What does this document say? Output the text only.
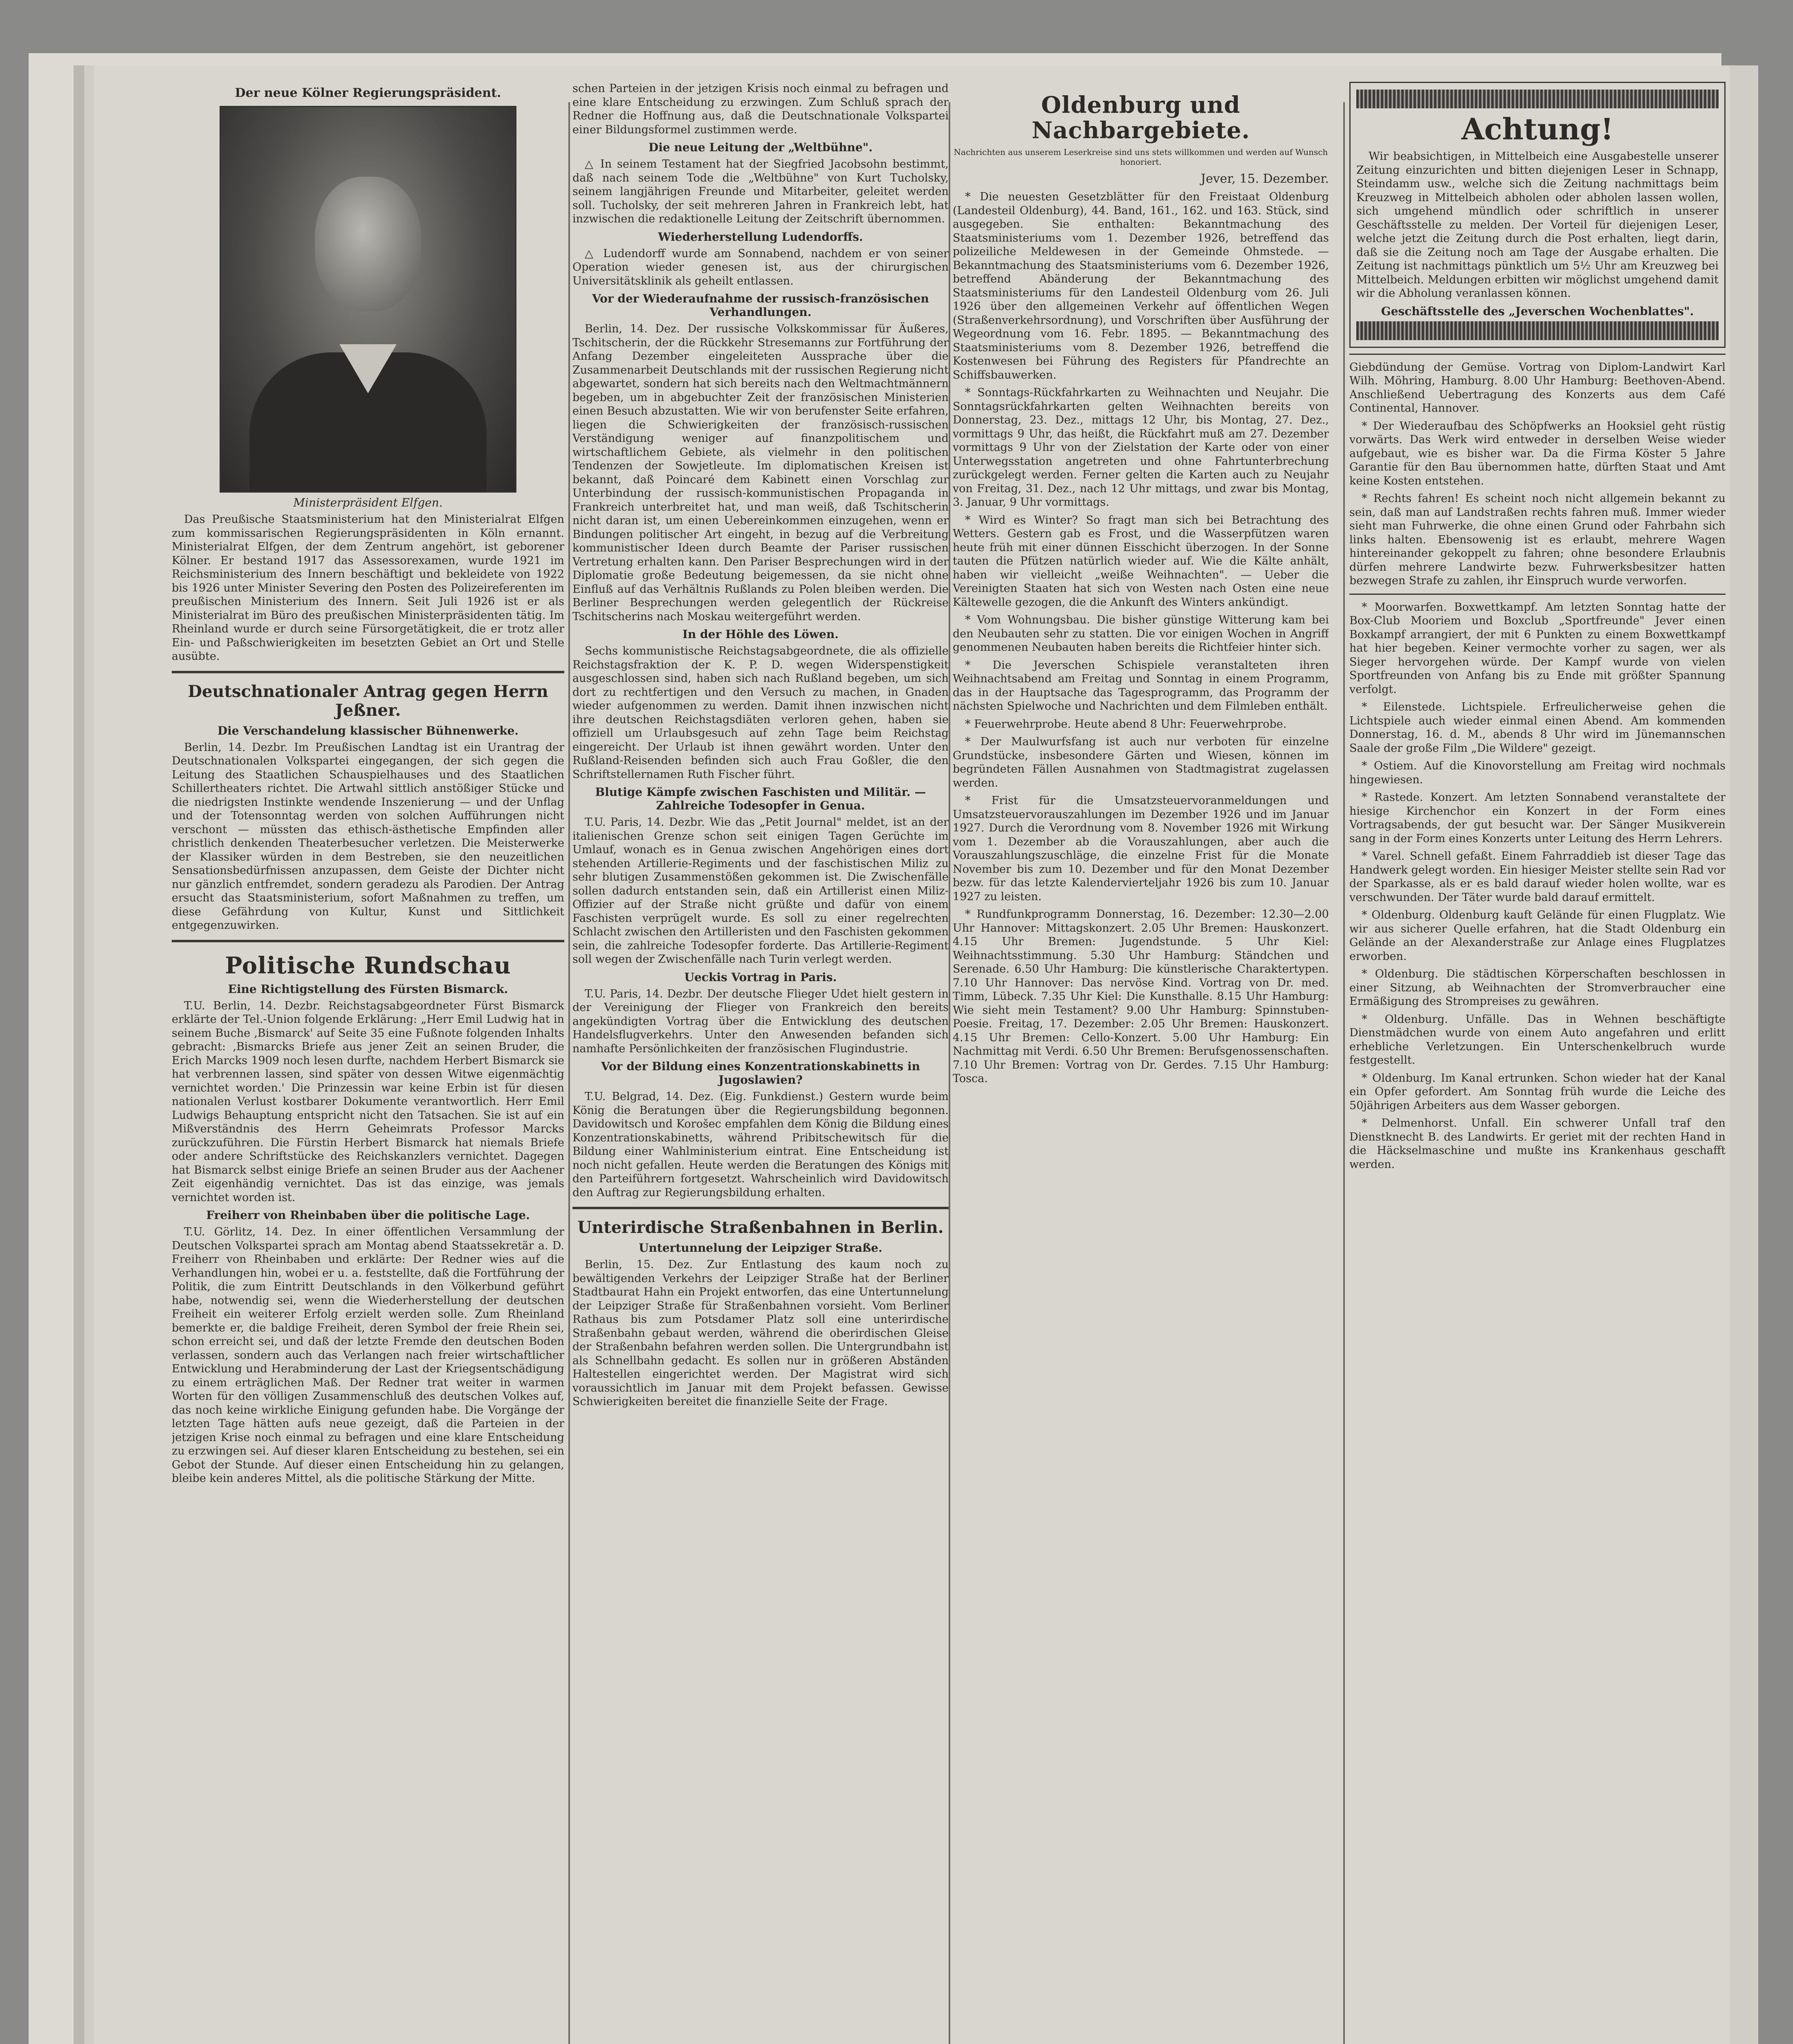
Der neue Kölner Regierungspräsident.
Ministerpräsident Elfgen.

Das Preußische Staatsministerium hat den Ministerialrat Elfgen zum kommissarischen Regierungspräsidenten in Köln ernannt. Ministerialrat Elfgen, der dem Zentrum angehört, ist geborener Kölner. Er bestand 1917 das Assessorexamen, wurde 1921 im Reichsministerium des Innern beschäftigt und bekleidete von 1922 bis 1926 unter Minister Severing den Posten des Polizeireferenten im preußischen Ministerium des Innern. Seit Juli 1926 ist er als Ministerialrat im Büro des preußischen Ministerpräsidenten tätig. Im Rheinland wurde er durch seine Fürsorgetätigkeit, die er trotz aller Ein- und Paßschwierigkeiten im besetzten Gebiet an Ort und Stelle ausübte.

Deutschnationaler Antrag gegen Herrn Jeßner.
Die Verschandelung klassischer Bühnenwerke.

Berlin, 14. Dezbr. Im Preußischen Landtag ist ein Urantrag der Deutschnationalen Volkspartei eingegangen, der sich gegen die Leitung des Staatlichen Schauspielhauses und des Staatlichen Schillertheaters richtet. Die Artwahl sittlich anstößiger Stücke und die niedrigsten Instinkte wendende Inszenierung — und der Unflag und der Totensonntag werden von solchen Aufführungen nicht verschont — müssten das ethisch-ästhetische Empfinden aller christlich denkenden Theaterbesucher verletzen. Die Meisterwerke der Klassiker würden in dem Bestreben, sie den neuzeitlichen Sensationsbedürfnissen anzupassen, dem Geiste der Dichter nicht nur gänzlich entfremdet, sondern geradezu als Parodien. Der Antrag ersucht das Staatsministerium, sofort Maßnahmen zu treffen, um diese Gefährdung von Kultur, Kunst und Sittlichkeit entgegenzuwirken.

Politische Rundschau
Eine Richtigstellung des Fürsten Bismarck.

T.U. Berlin, 14. Dezbr. Reichstagsabgeordneter Fürst Bismarck erklärte der Tel.-Union folgende Erklärung: „Herr Emil Ludwig hat in seinem Buche ‚Bismarck' auf Seite 35 eine Fußnote folgenden Inhalts gebracht: ‚Bismarcks Briefe aus jener Zeit an seinen Bruder, die Erich Marcks 1909 noch lesen durfte, nachdem Herbert Bismarck sie hat verbrennen lassen, sind später von dessen Witwe eigenmächtig vernichtet worden.' Die Prinzessin war keine Erbin ist für diesen nationalen Verlust kostbarer Dokumente verantwortlich. Herr Emil Ludwigs Behauptung entspricht nicht den Tatsachen. Sie ist auf ein Mißverständnis des Herrn Geheimrats Professor Marcks zurückzuführen. Die Fürstin Herbert Bismarck hat niemals Briefe oder andere Schriftstücke des Reichskanzlers vernichtet. Dagegen hat Bismarck selbst einige Briefe an seinen Bruder aus der Aachener Zeit eigenhändig vernichtet. Das ist das einzige, was jemals vernichtet worden ist.

Freiherr von Rheinbaben über die politische Lage.

T.U. Görlitz, 14. Dez. In einer öffentlichen Versammlung der Deutschen Volkspartei sprach am Montag abend Staatssekretär a. D. Freiherr von Rheinbaben und erklärte: Der Redner wies auf die Verhandlungen hin, wobei er u. a. feststellte, daß die Fortführung der Politik, die zum Eintritt Deutschlands in den Völkerbund geführt habe, notwendig sei, wenn die Wiederherstellung der deutschen Freiheit ein weiterer Erfolg erzielt werden solle. Zum Rheinland bemerkte er, die baldige Freiheit, deren Symbol der freie Rhein sei, schon erreicht sei, und daß der letzte Fremde den deutschen Boden verlassen, sondern auch das Verlangen nach freier wirtschaftlicher Entwicklung und Herabminderung der Last der Kriegsentschädigung zu einem erträglichen Maß. Der Redner trat weiter in warmen Worten für den völligen Zusammenschluß des deutschen Volkes auf, das noch keine wirkliche Einigung gefunden habe. Die Vorgänge der letzten Tage hätten aufs neue gezeigt, daß die Parteien in der jetzigen Krise noch einmal zu befragen und eine klare Entscheidung zu erzwingen sei. Auf dieser klaren Entscheidung zu bestehen, sei ein Gebot der Stunde. Auf dieser einen Entscheidung hin zu gelangen, bleibe kein anderes Mittel, als die politische Stärkung der Mitte.

schen Parteien in der jetzigen Krisis noch einmal zu befragen und eine klare Entscheidung zu erzwingen. Zum Schluß sprach der Redner die Hoffnung aus, daß die Deutschnationale Volkspartei einer Bildungsformel zustimmen werde.

Die neue Leitung der „Weltbühne".

△ In seinem Testament hat der Siegfried Jacobsohn bestimmt, daß nach seinem Tode die „Weltbühne" von Kurt Tucholsky, seinem langjährigen Freunde und Mitarbeiter, geleitet werden soll. Tucholsky, der seit mehreren Jahren in Frankreich lebt, hat inzwischen die redaktionelle Leitung der Zeitschrift übernommen.

Wiederherstellung Ludendorffs.

△ Ludendorff wurde am Sonnabend, nachdem er von seiner Operation wieder genesen ist, aus der chirurgischen Universitätsklinik als geheilt entlassen.

Vor der Wiederaufnahme der russisch-französischen Verhandlungen.

Berlin, 14. Dez. Der russische Volkskommissar für Äußeres, Tschitscherin, der die Rückkehr Stresemanns zur Fortführung der Anfang Dezember eingeleiteten Aussprache über die Zusammenarbeit Deutschlands mit der russischen Regierung nicht abgewartet, sondern hat sich bereits nach den Weltmachtmännern begeben, um in abgebuchter Zeit der französischen Ministerien einen Besuch abzustatten. Wie wir von berufenster Seite erfahren, liegen die Schwierigkeiten der französisch-russischen Verständigung weniger auf finanzpolitischem und wirtschaftlichem Gebiete, als vielmehr in den politischen Tendenzen der Sowjetleute. Im diplomatischen Kreisen ist bekannt, daß Poincaré dem Kabinett einen Vorschlag zur Unterbindung der russisch-kommunistischen Propaganda in Frankreich unterbreitet hat, und man weiß, daß Tschitscherin nicht daran ist, um einen Uebereinkommen einzugehen, wenn er Bindungen politischer Art eingeht, in bezug auf die Verbreitung kommunistischer Ideen durch Beamte der Pariser russischen Vertretung erhalten kann. Den Pariser Besprechungen wird in der Diplomatie große Bedeutung beigemessen, da sie nicht ohne Einfluß auf das Verhältnis Rußlands zu Polen bleiben werden. Die Berliner Besprechungen werden gelegentlich der Rückreise Tschitscherins nach Moskau weitergeführt werden.

In der Höhle des Löwen.

Sechs kommunistische Reichstagsabgeordnete, die als offizielle Reichstagsfraktion der K. P. D. wegen Widerspenstigkeit ausgeschlossen sind, haben sich nach Rußland begeben, um sich dort zu rechtfertigen und den Versuch zu machen, in Gnaden wieder aufgenommen zu werden. Damit ihnen inzwischen nicht ihre deutschen Reichstagsdiäten verloren gehen, haben sie offiziell um Urlaubsgesuch auf zehn Tage beim Reichstag eingereicht. Der Urlaub ist ihnen gewährt worden. Unter den Rußland-Reisenden befinden sich auch Frau Goßler, die den Schriftstellernamen Ruth Fischer führt.

Blutige Kämpfe zwischen Faschisten und Militär. — Zahlreiche Todesopfer in Genua.

T.U. Paris, 14. Dezbr. Wie das „Petit Journal" meldet, ist an der italienischen Grenze schon seit einigen Tagen Gerüchte im Umlauf, wonach es in Genua zwischen Angehörigen eines dort stehenden Artillerie-Regiments und der faschistischen Miliz zu sehr blutigen Zusammenstößen gekommen ist. Die Zwischenfälle sollen dadurch entstanden sein, daß ein Artillerist einen Miliz-Offizier auf der Straße nicht grüßte und dafür von einem Faschisten verprügelt wurde. Es soll zu einer regelrechten Schlacht zwischen den Artilleristen und den Faschisten gekommen sein, die zahlreiche Todesopfer forderte. Das Artillerie-Regiment soll wegen der Zwischenfälle nach Turin verlegt werden.

Ueckis Vortrag in Paris.

T.U. Paris, 14. Dezbr. Der deutsche Flieger Udet hielt gestern in der Vereinigung der Flieger von Frankreich den bereits angekündigten Vortrag über die Entwicklung des deutschen Handelsflugverkehrs. Unter den Anwesenden befanden sich namhafte Persönlichkeiten der französischen Flugindustrie.

Vor der Bildung eines Konzentrationskabinetts in Jugoslawien?

T.U. Belgrad, 14. Dez. (Eig. Funkdienst.) Gestern wurde beim König die Beratungen über die Regierungsbildung begonnen. Davidowitsch und Korošec empfahlen dem König die Bildung eines Konzentrationskabinetts, während Pribitschewitsch für die Bildung einer Wahlministerium eintrat. Eine Entscheidung ist noch nicht gefallen. Heute werden die Beratungen des Königs mit den Parteiführern fortgesetzt. Wahrscheinlich wird Davidowitsch den Auftrag zur Regierungsbildung erhalten.

Unterirdische Straßenbahnen in Berlin.
Untertunnelung der Leipziger Straße.

Berlin, 15. Dez. Zur Entlastung des kaum noch zu bewältigenden Verkehrs der Leipziger Straße hat der Berliner Stadtbaurat Hahn ein Projekt entworfen, das eine Untertunnelung der Leipziger Straße für Straßenbahnen vorsieht. Vom Berliner Rathaus bis zum Potsdamer Platz soll eine unterirdische Straßenbahn gebaut werden, während die oberirdischen Gleise der Straßenbahn befahren werden sollen. Die Untergrundbahn ist als Schnellbahn gedacht. Es sollen nur in größeren Abständen Haltestellen eingerichtet werden. Der Magistrat wird sich voraussichtlich im Januar mit dem Projekt befassen. Gewisse Schwierigkeiten bereitet die finanzielle Seite der Frage.

Oldenburg und Nachbargebiete.
Nachrichten aus unserem Leserkreise sind uns stets willkommen und werden auf Wunsch honoriert.
Jever, 15. Dezember.

* Die neuesten Gesetzblätter für den Freistaat Oldenburg (Landesteil Oldenburg), 44. Band, 161., 162. und 163. Stück, sind ausgegeben. Sie enthalten: Bekanntmachung des Staatsministeriums vom 1. Dezember 1926, betreffend das polizeiliche Meldewesen in der Gemeinde Ohmstede. — Bekanntmachung des Staatsministeriums vom 6. Dezember 1926, betreffend Abänderung der Bekanntmachung des Staatsministeriums für den Landesteil Oldenburg vom 26. Juli 1926 über den allgemeinen Verkehr auf öffentlichen Wegen (Straßenverkehrsordnung), und Vorschriften über Ausführung der Wegeordnung vom 16. Febr. 1895. — Bekanntmachung des Staatsministeriums vom 8. Dezember 1926, betreffend die Kostenwesen bei Führung des Registers für Pfandrechte an Schiffsbauwerken.

* Sonntags-Rückfahrkarten zu Weihnachten und Neujahr. Die Sonntagsrückfahrkarten gelten Weihnachten bereits von Donnerstag, 23. Dez., mittags 12 Uhr, bis Montag, 27. Dez., vormittags 9 Uhr, das heißt, die Rückfahrt muß am 27. Dezember vormittags 9 Uhr von der Zielstation der Karte oder von einer Unterwegsstation angetreten und ohne Fahrtunterbrechung zurückgelegt werden. Ferner gelten die Karten auch zu Neujahr von Freitag, 31. Dez., nach 12 Uhr mittags, und zwar bis Montag, 3. Januar, 9 Uhr vormittags.

* Wird es Winter? So fragt man sich bei Betrachtung des Wetters. Gestern gab es Frost, und die Wasserpfützen waren heute früh mit einer dünnen Eisschicht überzogen. In der Sonne tauten die Pfützen natürlich wieder auf. Wie die Kälte anhält, haben wir vielleicht „weiße Weihnachten". — Ueber die Vereinigten Staaten hat sich von Westen nach Osten eine neue Kältewelle gezogen, die die Ankunft des Winters ankündigt.

* Vom Wohnungsbau. Die bisher günstige Witterung kam bei den Neubauten sehr zu statten. Die vor einigen Wochen in Angriff genommenen Neubauten haben bereits die Richtfeier hinter sich.

* Die Jeverschen Schispiele veranstalteten ihren Weihnachtsabend am Freitag und Sonntag in einem Programm, das in der Hauptsache das Tagesprogramm, das Programm der nächsten Spielwoche und Nachrichten und dem Filmleben enthält.

* Feuerwehrprobe. Heute abend 8 Uhr: Feuerwehrprobe.

* Der Maulwurfsfang ist auch nur verboten für einzelne Grundstücke, insbesondere Gärten und Wiesen, können im begründeten Fällen Ausnahmen von Stadtmagistrat zugelassen werden.

* Frist für die Umsatzsteuervoranmeldungen und Umsatzsteuervorauszahlungen im Dezember 1926 und im Januar 1927. Durch die Verordnung vom 8. November 1926 mit Wirkung vom 1. Dezember ab die Vorauszahlungen, aber auch die Vorauszahlungszuschläge, die einzelne Frist für die Monate November bis zum 10. Dezember und für den Monat Dezember bezw. für das letzte Kalendervierteljahr 1926 bis zum 10. Januar 1927 zu leisten.

* Rundfunkprogramm Donnerstag, 16. Dezember: 12.30—2.00 Uhr Hannover: Mittagskonzert. 2.05 Uhr Bremen: Hauskonzert. 4.15 Uhr Bremen: Jugendstunde. 5 Uhr Kiel: Weihnachtsstimmung. 5.30 Uhr Hamburg: Ständchen und Serenade. 6.50 Uhr Hamburg: Die künstlerische Charaktertypen. 7.10 Uhr Hannover: Das nervöse Kind. Vortrag von Dr. med. Timm, Lübeck. 7.35 Uhr Kiel: Die Kunsthalle. 8.15 Uhr Hamburg: Wie sieht mein Testament? 9.00 Uhr Hamburg: Spinnstuben-Poesie. Freitag, 17. Dezember: 2.05 Uhr Bremen: Hauskonzert. 4.15 Uhr Bremen: Cello-Konzert. 5.00 Uhr Hamburg: Ein Nachmittag mit Verdi. 6.50 Uhr Bremen: Berufsgenossenschaften. 7.10 Uhr Bremen: Vortrag von Dr. Gerdes. 7.15 Uhr Hamburg: Tosca.

Achtung!

Wir beabsichtigen, in Mittelbeich eine Ausgabestelle unserer Zeitung einzurichten und bitten diejenigen Leser in Schnapp, Steindamm usw., welche sich die Zeitung nachmittags beim Kreuzweg in Mittelbeich abholen oder abholen lassen wollen, sich umgehend mündlich oder schriftlich in unserer Geschäftsstelle zu melden. Der Vorteil für diejenigen Leser, welche jetzt die Zeitung durch die Post erhalten, liegt darin, daß sie die Zeitung noch am Tage der Ausgabe erhalten. Die Zeitung ist nachmittags pünktlich um 5½ Uhr am Kreuzweg bei Mittelbeich. Meldungen erbitten wir möglichst umgehend damit wir die Abholung veranlassen können.

Geschäftsstelle des „Jeverschen Wochenblattes".

Giebdündung der Gemüse. Vortrag von Diplom-Landwirt Karl Wilh. Möhring, Hamburg. 8.00 Uhr Hamburg: Beethoven-Abend. Anschließend Uebertragung des Konzerts aus dem Café Continental, Hannover.

* Der Wiederaufbau des Schöpfwerks an Hooksiel geht rüstig vorwärts. Das Werk wird entweder in derselben Weise wieder aufgebaut, wie es bisher war. Da die Firma Köster 5 Jahre Garantie für den Bau übernommen hatte, dürften Staat und Amt keine Kosten entstehen.

* Rechts fahren! Es scheint noch nicht allgemein bekannt zu sein, daß man auf Landstraßen rechts fahren muß. Immer wieder sieht man Fuhrwerke, die ohne einen Grund oder Fahrbahn sich links halten. Ebensowenig ist es erlaubt, mehrere Wagen hintereinander gekoppelt zu fahren; ohne besondere Erlaubnis dürfen mehrere Landwirte bezw. Fuhrwerksbesitzer hatten bezwegen Strafe zu zahlen, ihr Einspruch wurde verworfen.

* Moorwarfen. Boxwettkampf. Am letzten Sonntag hatte der Box-Club Mooriem und Boxclub „Sportfreunde" Jever einen Boxkampf arrangiert, der mit 6 Punkten zu einem Boxwettkampf hat hier begeben. Keiner vermochte vorher zu sagen, wer als Sieger hervorgehen würde. Der Kampf wurde von vielen Sportfreunden von Anfang bis zu Ende mit größter Spannung verfolgt.

* Eilenstede. Lichtspiele. Erfreulicherweise gehen die Lichtspiele auch wieder einmal einen Abend. Am kommenden Donnerstag, 16. d. M., abends 8 Uhr wird im Jünemannschen Saale der große Film „Die Wildere" gezeigt.

* Ostiem. Auf die Kinovorstellung am Freitag wird nochmals hingewiesen.

* Rastede. Konzert. Am letzten Sonnabend veranstaltete der hiesige Kirchenchor ein Konzert in der Form eines Vortragsabends, der gut besucht war. Der Sänger Musikverein sang in der Form eines Konzerts unter Leitung des Herrn Lehrers.

* Varel. Schnell gefaßt. Einem Fahrraddieb ist dieser Tage das Handwerk gelegt worden. Ein hiesiger Meister stellte sein Rad vor der Sparkasse, als er es bald darauf wieder holen wollte, war es verschwunden. Der Täter wurde bald darauf ermittelt.

* Oldenburg. Oldenburg kauft Gelände für einen Flugplatz. Wie wir aus sicherer Quelle erfahren, hat die Stadt Oldenburg ein Gelände an der Alexanderstraße zur Anlage eines Flugplatzes erworben.

* Oldenburg. Die städtischen Körperschaften beschlossen in einer Sitzung, ab Weihnachten der Stromverbraucher eine Ermäßigung des Strompreises zu gewähren.

* Oldenburg. Unfälle. Das in Wehnen beschäftigte Dienstmädchen wurde von einem Auto angefahren und erlitt erhebliche Verletzungen. Ein Unterschenkelbruch wurde festgestellt.

* Oldenburg. Im Kanal ertrunken. Schon wieder hat der Kanal ein Opfer gefordert. Am Sonntag früh wurde die Leiche des 50jährigen Arbeiters aus dem Wasser geborgen.

* Delmenhorst. Unfall. Ein schwerer Unfall traf den Dienstknecht B. des Landwirts. Er geriet mit der rechten Hand in die Häckselmaschine und mußte ins Krankenhaus geschafft werden.
